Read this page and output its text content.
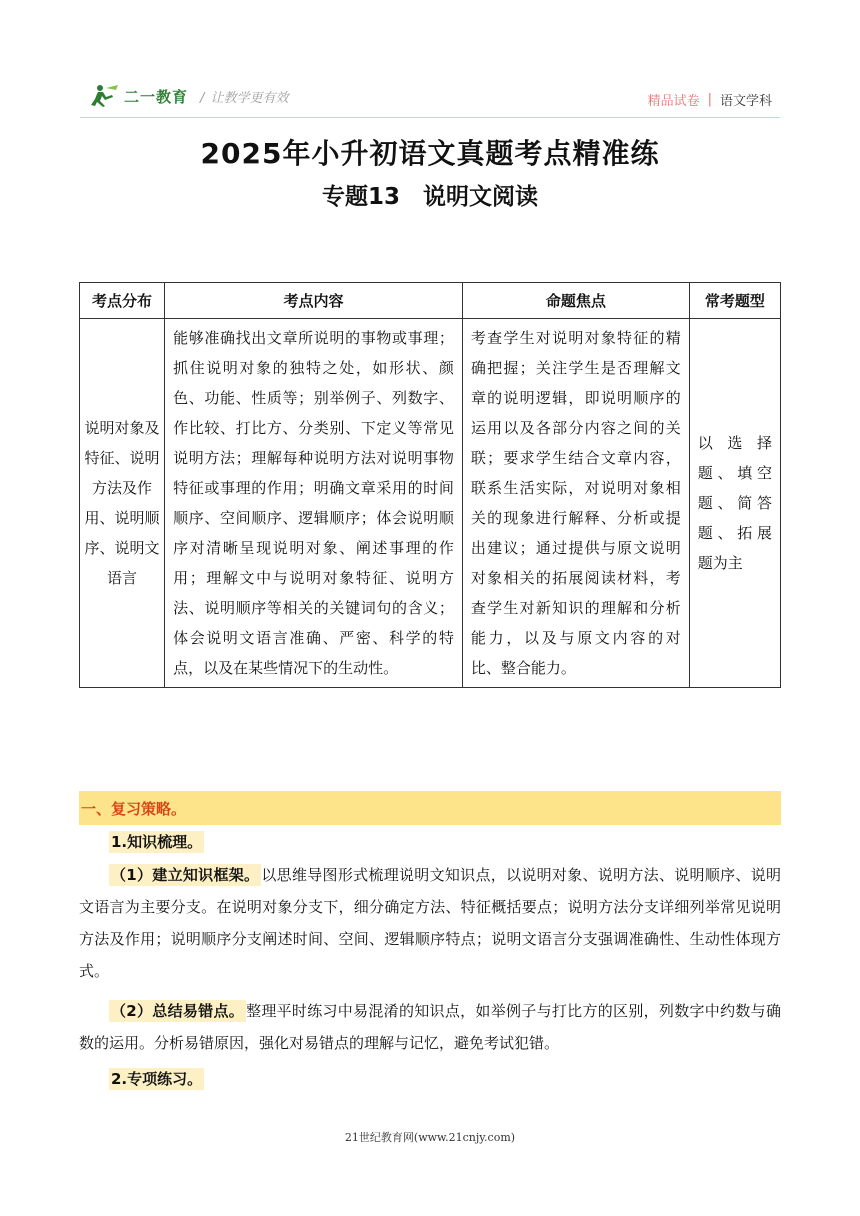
二一教育 / 让教学更有效	精品试卷 | 语文学科
2025年小升初语文真题考点精准练
专题13　说明文阅读
考点分布	考点内容	命题焦点	常考题型
说明对象及特征、说明方法及作用、说明顺序、说明文语言	能够准确找出文章所说明的事物或事理；抓住说明对象的独特之处，如形状、颜色、功能、性质等；别举例子、列数字、作比较、打比方、分类别、下定义等常见说明方法；理解每种说明方法对说明事物特征或事理的作用；明确文章采用的时间顺序、空间顺序、逻辑顺序；体会说明顺序对清晰呈现说明对象、阐述事理的作用；理解文中与说明对象特征、说明方法、说明顺序等相关的关键词句的含义；体会说明文语言准确、严密、科学的特点，以及在某些情况下的生动性。	考查学生对说明对象特征的精确把握；关注学生是否理解文章的说明逻辑，即说明顺序的运用以及各部分内容之间的关联；要求学生结合文章内容，联系生活实际，对说明对象相关的现象进行解释、分析或提出建议；通过提供与原文说明对象相关的拓展阅读材料，考查学生对新知识的理解和分析能力，以及与原文内容的对比、整合能力。	以选择题、填空题、简答题、拓展题为主
一、复习策略。
1.知识梳理。
（1）建立知识框架。 以思维导图形式梳理说明文知识点，以说明对象、说明方法、说明顺序、说明文语言为主要分支。在说明对象分支下，细分确定方法、特征概括要点；说明方法分支详细列举常见说明方法及作用；说明顺序分支阐述时间、空间、逻辑顺序特点；说明文语言分支强调准确性、生动性体现方式。
（2）总结易错点。 整理平时练习中易混淆的知识点，如举例子与打比方的区别，列数字中约数与确数的运用。分析易错原因，强化对易错点的理解与记忆，避免考试犯错。
2.专项练习。
21世纪教育网(www.21cnjy.com)
